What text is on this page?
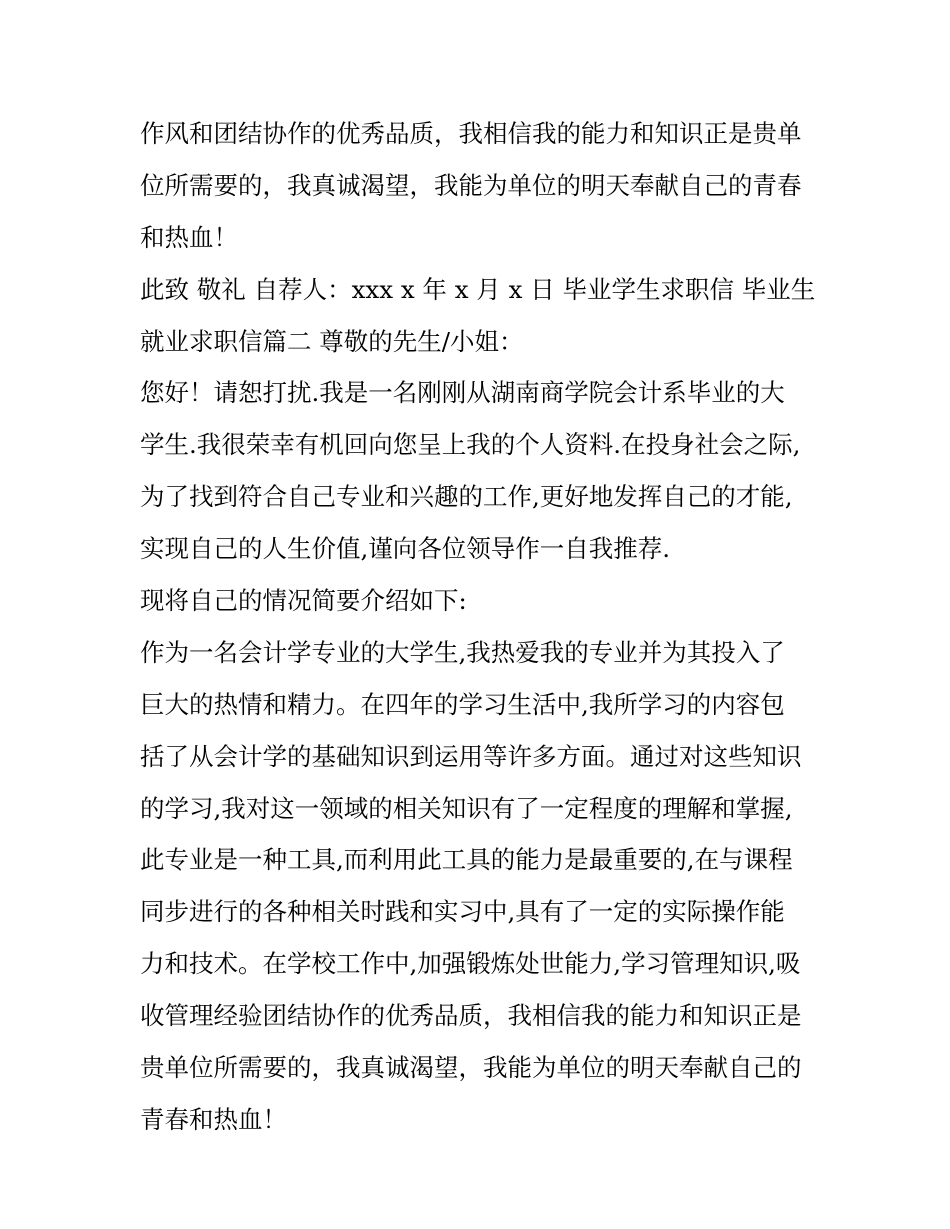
作风和团结协作的优秀品质，我相信我的能力和知识正是贵单
位所需要的，我真诚渴望，我能为单位的明天奉献自己的青春
和热血！
此致 敬礼 自荐人：xxx x 年 x 月 x 日 毕业学生求职信 毕业生
就业求职信篇二 尊敬的先生/小姐：
您好！请恕打扰.我是一名刚刚从湖南商学院会计系毕业的大
学生.我很荣幸有机回向您呈上我的个人资料.在投身社会之际,
为了找到符合自己专业和兴趣的工作,更好地发挥自己的才能,
实现自己的人生价值,谨向各位领导作一自我推荐.
现将自己的情况简要介绍如下:
作为一名会计学专业的大学生,我热爱我的专业并为其投入了
巨大的热情和精力。在四年的学习生活中,我所学习的内容包
括了从会计学的基础知识到运用等许多方面。通过对这些知识
的学习,我对这一领域的相关知识有了一定程度的理解和掌握,
此专业是一种工具,而利用此工具的能力是最重要的,在与课程
同步进行的各种相关时践和实习中,具有了一定的实际操作能
力和技术。在学校工作中,加强锻炼处世能力,学习管理知识,吸
收管理经验团结协作的优秀品质，我相信我的能力和知识正是
贵单位所需要的，我真诚渴望，我能为单位的明天奉献自己的
青春和热血！
